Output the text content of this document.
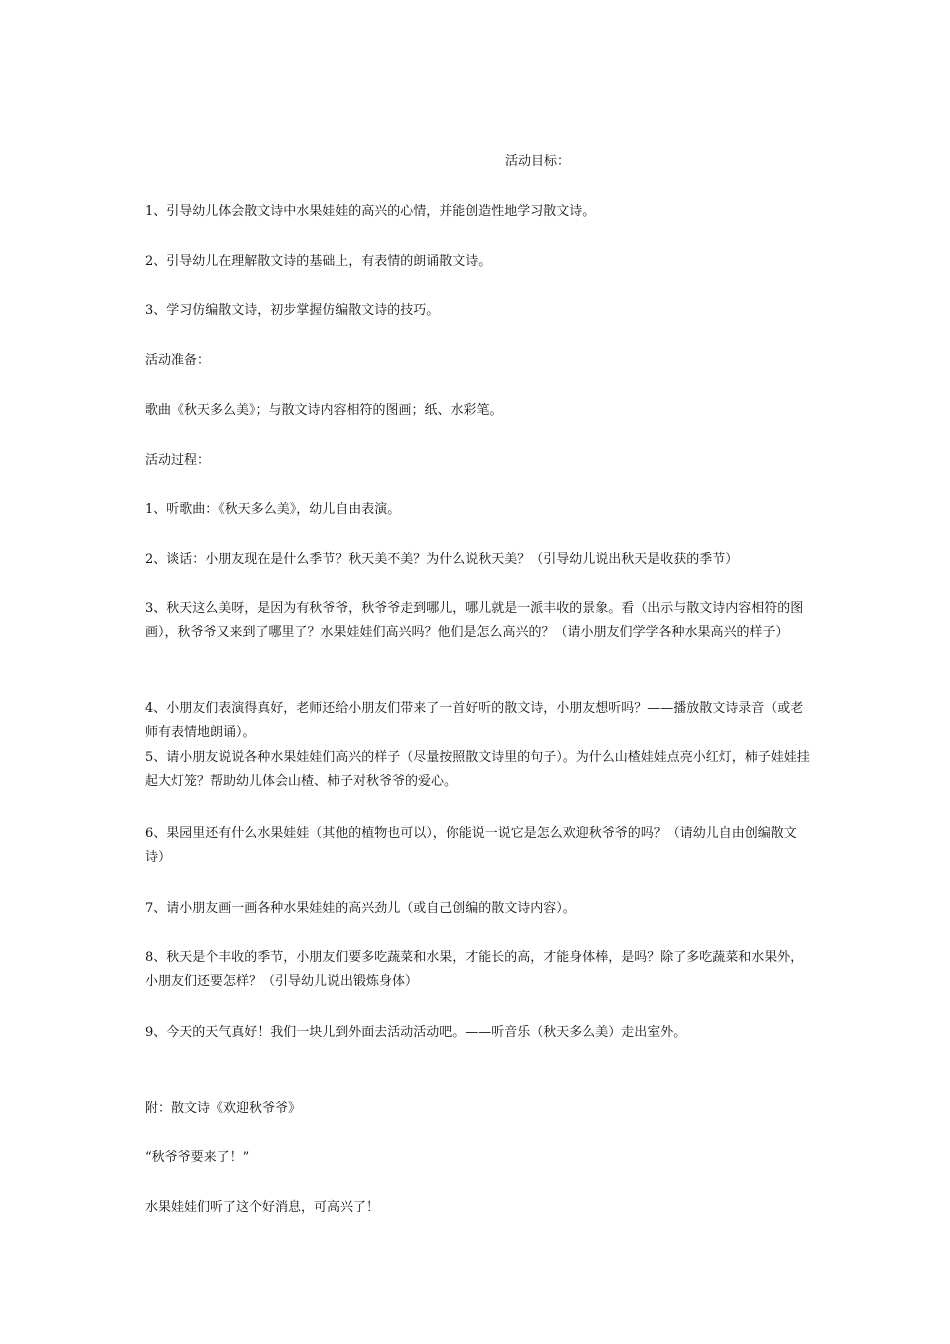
活动目标：
1、引导幼儿体会散文诗中水果娃娃的高兴的心情，并能创造性地学习散文诗。
2、引导幼儿在理解散文诗的基础上，有表情的朗诵散文诗。
3、学习仿编散文诗，初步掌握仿编散文诗的技巧。
活动准备：
歌曲《秋天多么美》；与散文诗内容相符的图画；纸、水彩笔。
活动过程：
1、听歌曲：《秋天多么美》，幼儿自由表演。
2、谈话：小朋友现在是什么季节？秋天美不美？为什么说秋天美？（引导幼儿说出秋天是收获的季节）
3、秋天这么美呀，是因为有秋爷爷，秋爷爷走到哪儿，哪儿就是一派丰收的景象。看（出示与散文诗内容相符的图画），秋爷爷又来到了哪里了？水果娃娃们高兴吗？他们是怎么高兴的？（请小朋友们学学各种水果高兴的样子）
4、小朋友们表演得真好，老师还给小朋友们带来了一首好听的散文诗，小朋友想听吗？——播放散文诗录音（或老师有表情地朗诵）。
5、请小朋友说说各种水果娃娃们高兴的样子（尽量按照散文诗里的句子）。为什么山楂娃娃点亮小红灯，柿子娃娃挂起大灯笼？帮助幼儿体会山楂、柿子对秋爷爷的爱心。
6、果园里还有什么水果娃娃（其他的植物也可以），你能说一说它是怎么欢迎秋爷爷的吗？（请幼儿自由创编散文诗）
7、请小朋友画一画各种水果娃娃的高兴劲儿（或自己创编的散文诗内容）。
8、秋天是个丰收的季节，小朋友们要多吃蔬菜和水果，才能长的高，才能身体棒，是吗？除了多吃蔬菜和水果外，小朋友们还要怎样？（引导幼儿说出锻炼身体）
9、今天的天气真好！我们一块儿到外面去活动活动吧。——听音乐（秋天多么美）走出室外。
附：散文诗《欢迎秋爷爷》
“秋爷爷要来了！”
水果娃娃们听了这个好消息，可高兴了！
